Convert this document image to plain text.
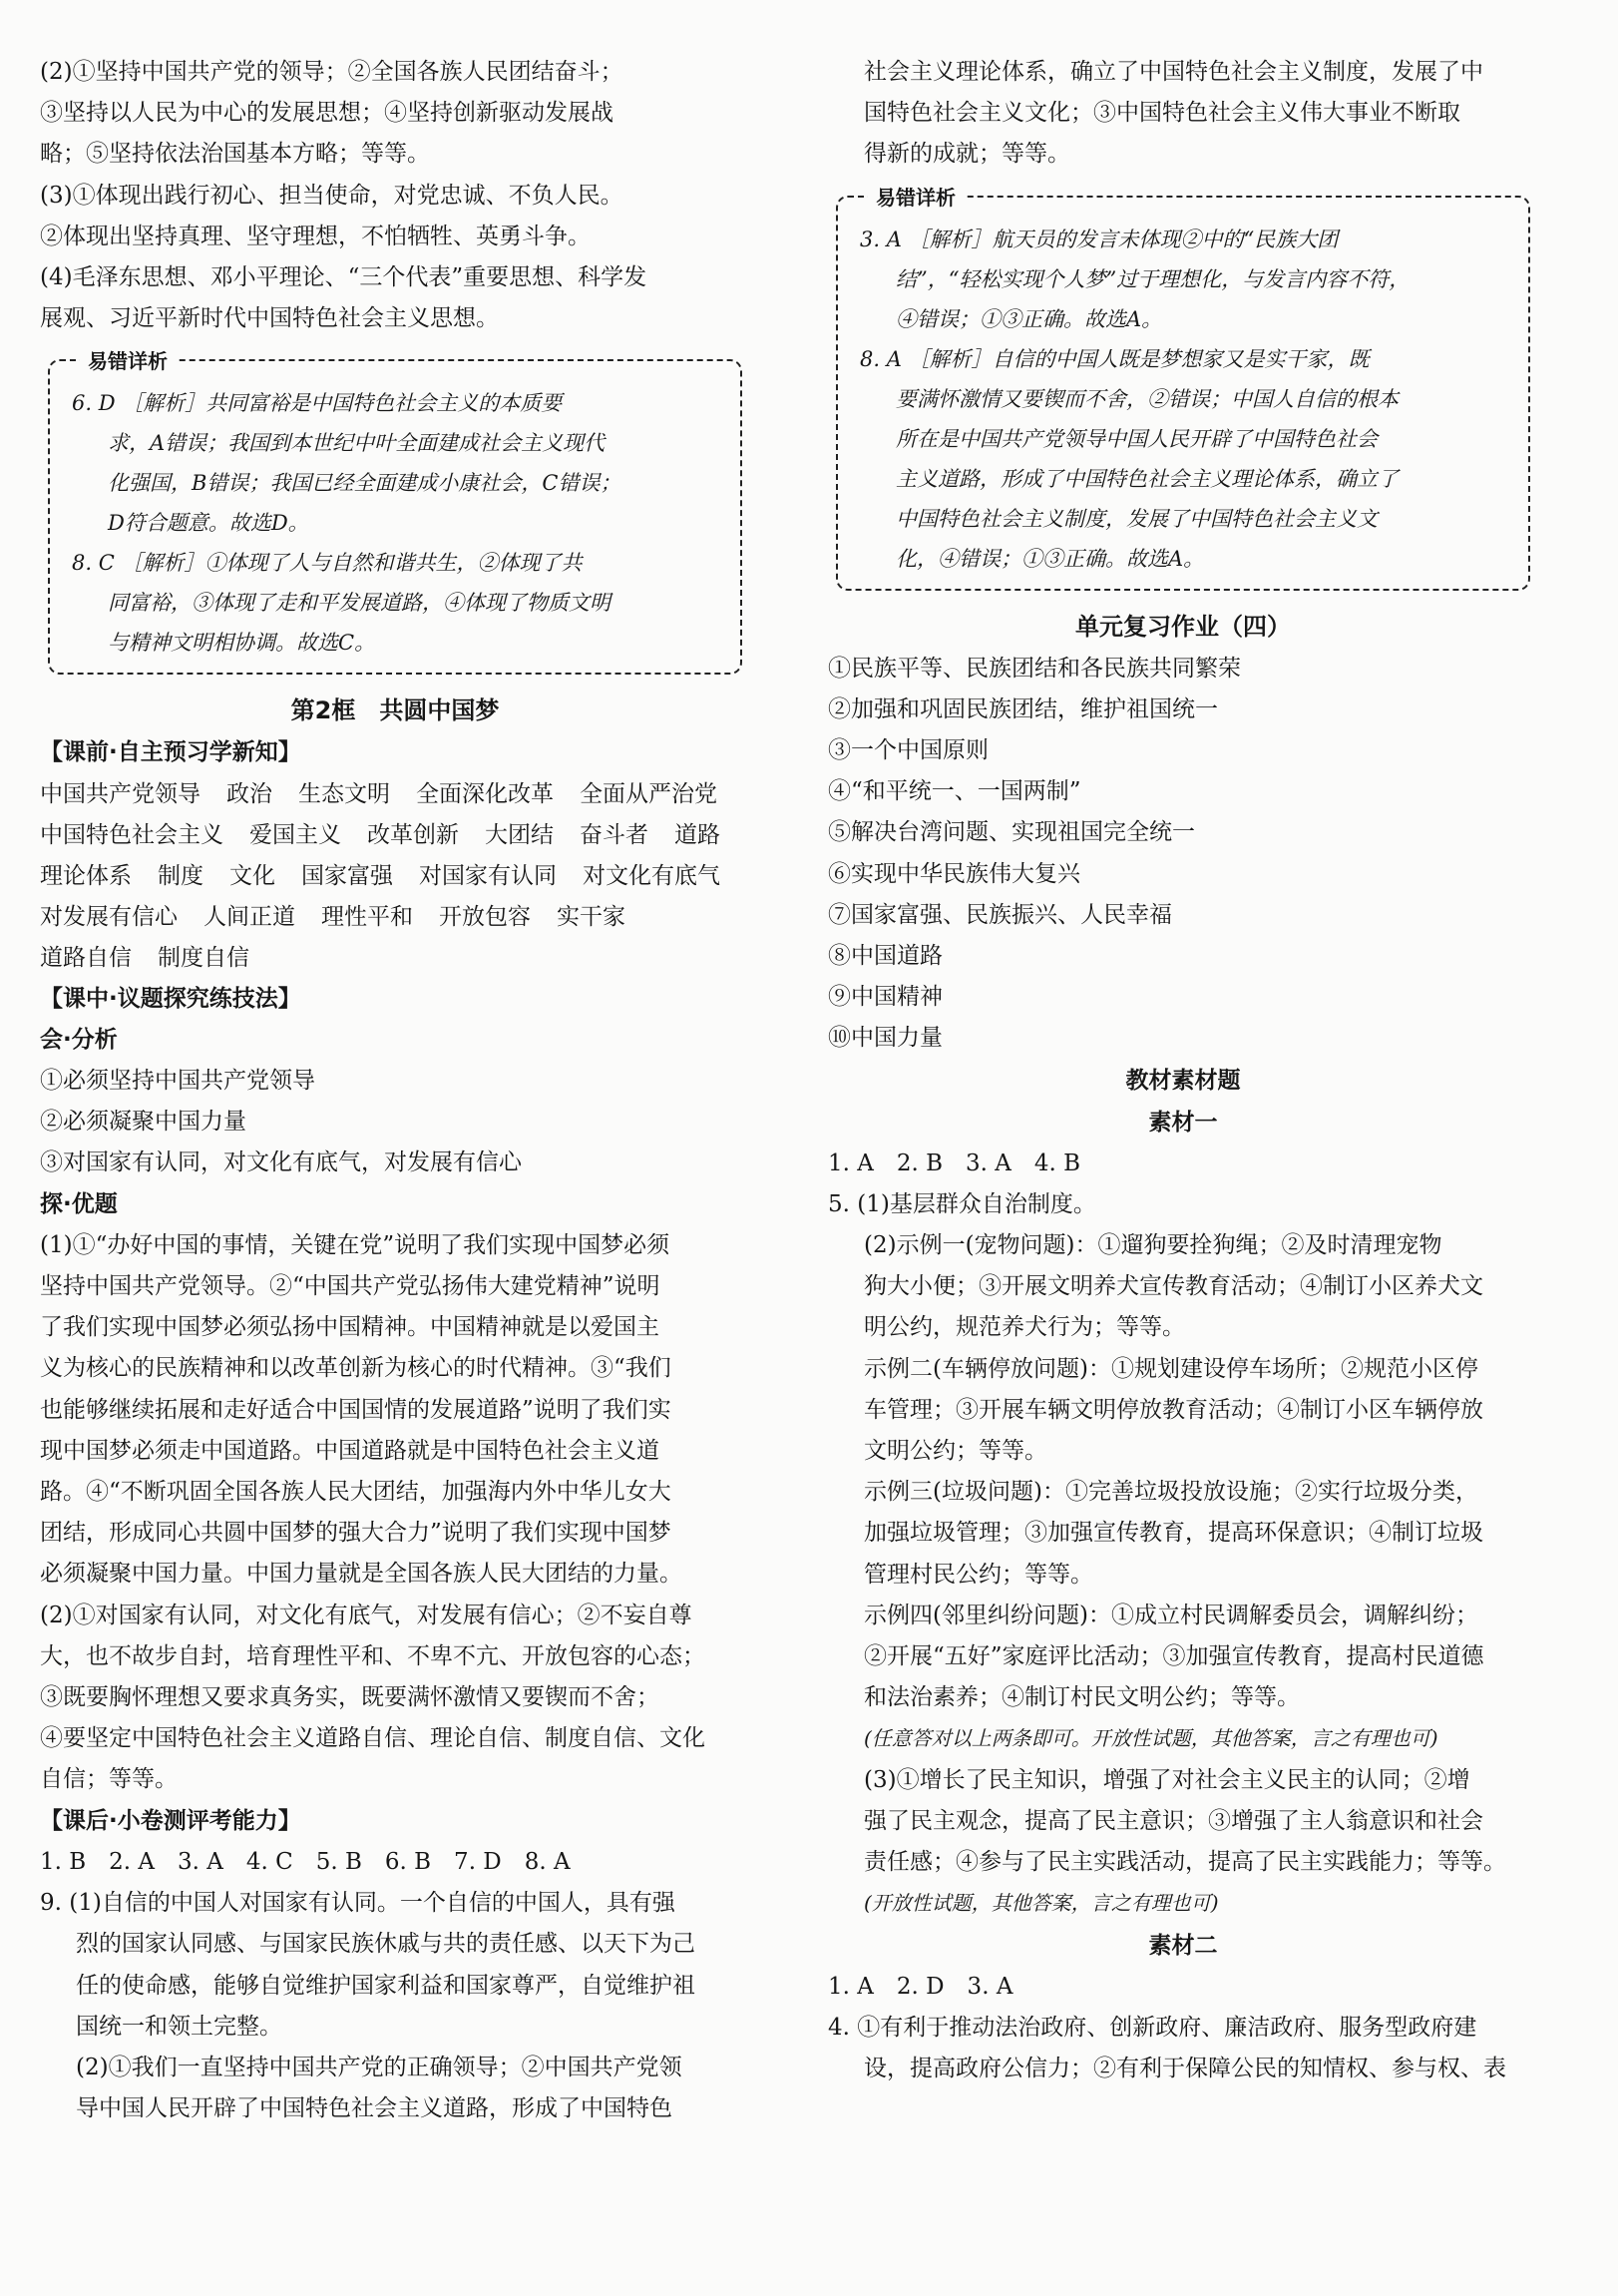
(2)①坚持中国共产党的领导；②全国各族人民团结奋斗；
③坚持以人民为中心的发展思想；④坚持创新驱动发展战
略；⑤坚持依法治国基本方略；等等。
(3)①体现出践行初心、担当使命，对党忠诚、不负人民。
②体现出坚持真理、坚守理想，不怕牺牲、英勇斗争。
(4)毛泽东思想、邓小平理论、“三个代表”重要思想、科学发
展观、习近平新时代中国特色社会主义思想。
易错详析
6. D ［解析］共同富裕是中国特色社会主义的本质要
求，A错误；我国到本世纪中叶全面建成社会主义现代
化强国，B错误；我国已经全面建成小康社会，C错误；
D符合题意。故选D。
8. C ［解析］①体现了人与自然和谐共生，②体现了共
同富裕，③体现了走和平发展道路，④体现了物质文明
与精神文明相协调。故选C。
第2框　共圆中国梦
【课前·自主预习学新知】
中国共产党领导 政治 生态文明 全面深化改革 全面从严治党
中国特色社会主义 爱国主义 改革创新 大团结 奋斗者 道路
理论体系 制度 文化 国家富强 对国家有认同 对文化有底气
对发展有信心 人间正道 理性平和 开放包容 实干家
道路自信 制度自信
【课中·议题探究练技法】
会·分析
①必须坚持中国共产党领导
②必须凝聚中国力量
③对国家有认同，对文化有底气，对发展有信心
探·优题
(1)①“办好中国的事情，关键在党”说明了我们实现中国梦必须
坚持中国共产党领导。②“中国共产党弘扬伟大建党精神”说明
了我们实现中国梦必须弘扬中国精神。中国精神就是以爱国主
义为核心的民族精神和以改革创新为核心的时代精神。③“我们
也能够继续拓展和走好适合中国国情的发展道路”说明了我们实
现中国梦必须走中国道路。中国道路就是中国特色社会主义道
路。④“不断巩固全国各族人民大团结，加强海内外中华儿女大
团结，形成同心共圆中国梦的强大合力”说明了我们实现中国梦
必须凝聚中国力量。中国力量就是全国各族人民大团结的力量。
(2)①对国家有认同，对文化有底气，对发展有信心；②不妄自尊
大，也不故步自封，培育理性平和、不卑不亢、开放包容的心态；
③既要胸怀理想又要求真务实，既要满怀激情又要锲而不舍；
④要坚定中国特色社会主义道路自信、理论自信、制度自信、文化
自信；等等。
【课后·小卷测评考能力】
1. B　2. A　3. A　4. C　5. B　6. B　7. D　8. A
9. (1)自信的中国人对国家有认同。一个自信的中国人，具有强
烈的国家认同感、与国家民族休戚与共的责任感、以天下为己
任的使命感，能够自觉维护国家利益和国家尊严，自觉维护祖
国统一和领土完整。
(2)①我们一直坚持中国共产党的正确领导；②中国共产党领
导中国人民开辟了中国特色社会主义道路，形成了中国特色
社会主义理论体系，确立了中国特色社会主义制度，发展了中
国特色社会主义文化；③中国特色社会主义伟大事业不断取
得新的成就；等等。
易错详析
3. A ［解析］航天员的发言未体现②中的“民族大团
结”，“轻松实现个人梦”过于理想化，与发言内容不符，
④错误；①③正确。故选A。
8. A ［解析］自信的中国人既是梦想家又是实干家，既
要满怀激情又要锲而不舍，②错误；中国人自信的根本
所在是中国共产党领导中国人民开辟了中国特色社会
主义道路，形成了中国特色社会主义理论体系，确立了
中国特色社会主义制度，发展了中国特色社会主义文
化，④错误；①③正确。故选A。
单元复习作业（四）
①民族平等、民族团结和各民族共同繁荣
②加强和巩固民族团结，维护祖国统一
③一个中国原则
④“和平统一、一国两制”
⑤解决台湾问题、实现祖国完全统一
⑥实现中华民族伟大复兴
⑦国家富强、民族振兴、人民幸福
⑧中国道路
⑨中国精神
⑩中国力量
教材素材题
素材一
1. A　2. B　3. A　4. B
5. (1)基层群众自治制度。
(2)示例一(宠物问题)：①遛狗要拴狗绳；②及时清理宠物
狗大小便；③开展文明养犬宣传教育活动；④制订小区养犬文
明公约，规范养犬行为；等等。
示例二(车辆停放问题)：①规划建设停车场所；②规范小区停
车管理；③开展车辆文明停放教育活动；④制订小区车辆停放
文明公约；等等。
示例三(垃圾问题)：①完善垃圾投放设施；②实行垃圾分类，
加强垃圾管理；③加强宣传教育，提高环保意识；④制订垃圾
管理村民公约；等等。
示例四(邻里纠纷问题)：①成立村民调解委员会，调解纠纷；
②开展“五好”家庭评比活动；③加强宣传教育，提高村民道德
和法治素养；④制订村民文明公约；等等。
(任意答对以上两条即可。开放性试题，其他答案，言之有理也可)
(3)①增长了民主知识，增强了对社会主义民主的认同；②增
强了民主观念，提高了民主意识；③增强了主人翁意识和社会
责任感；④参与了民主实践活动，提高了民主实践能力；等等。
(开放性试题，其他答案，言之有理也可)
素材二
1. A　2. D　3. A
4. ①有利于推动法治政府、创新政府、廉洁政府、服务型政府建
设，提高政府公信力；②有利于保障公民的知情权、参与权、表
